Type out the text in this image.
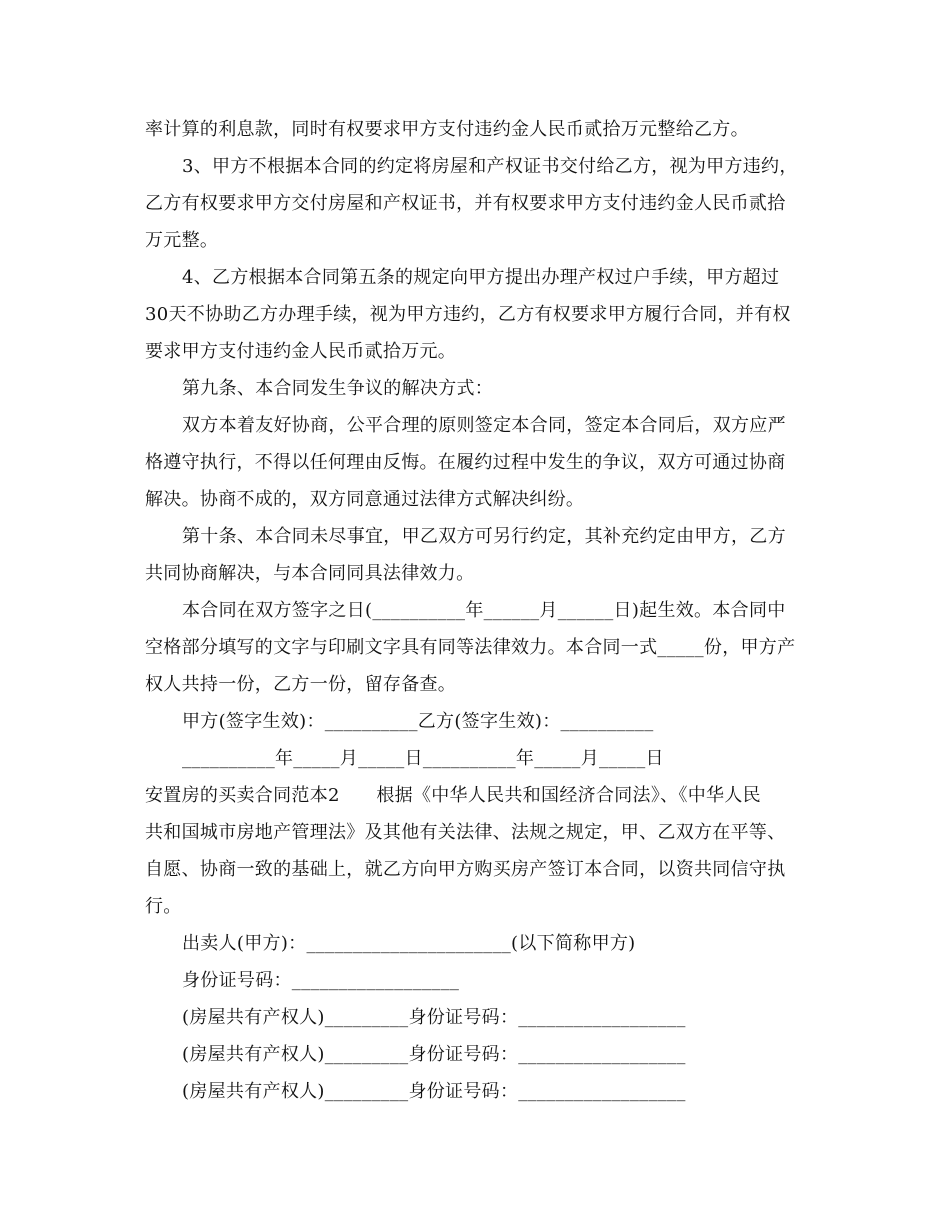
率计算的利息款，同时有权要求甲方支付违约金人民币贰拾万元整给乙方。
3、甲方不根据本合同的约定将房屋和产权证书交付给乙方，视为甲方违约，
乙方有权要求甲方交付房屋和产权证书，并有权要求甲方支付违约金人民币贰拾
万元整。
4、乙方根据本合同第五条的规定向甲方提出办理产权过户手续，甲方超过
30天不协助乙方办理手续，视为甲方违约，乙方有权要求甲方履行合同，并有权
要求甲方支付违约金人民币贰拾万元。
第九条、本合同发生争议的解决方式：
双方本着友好协商，公平合理的原则签定本合同，签定本合同后，双方应严
格遵守执行，不得以任何理由反悔。在履约过程中发生的争议，双方可通过协商
解决。协商不成的，双方同意通过法律方式解决纠纷。
第十条、本合同未尽事宜，甲乙双方可另行约定，其补充约定由甲方，乙方
共同协商解决，与本合同同具法律效力。
本合同在双方签字之日(__________年______月______日)起生效。本合同中
空格部分填写的文字与印刷文字具有同等法律效力。本合同一式_____份，甲方产
权人共持一份，乙方一份，留存备查。
甲方(签字生效)：__________乙方(签字生效)：__________
__________年_____月_____日__________年_____月_____日
安置房的买卖合同范本2　　根据《中华人民共和国经济合同法》、《中华人民
共和国城市房地产管理法》及其他有关法律、法规之规定，甲、乙双方在平等、
自愿、协商一致的基础上，就乙方向甲方购买房产签订本合同，以资共同信守执
行。
出卖人(甲方)：______________________(以下简称甲方)
身份证号码：__________________
(房屋共有产权人)_________身份证号码：__________________
(房屋共有产权人)_________身份证号码：__________________
(房屋共有产权人)_________身份证号码：__________________
